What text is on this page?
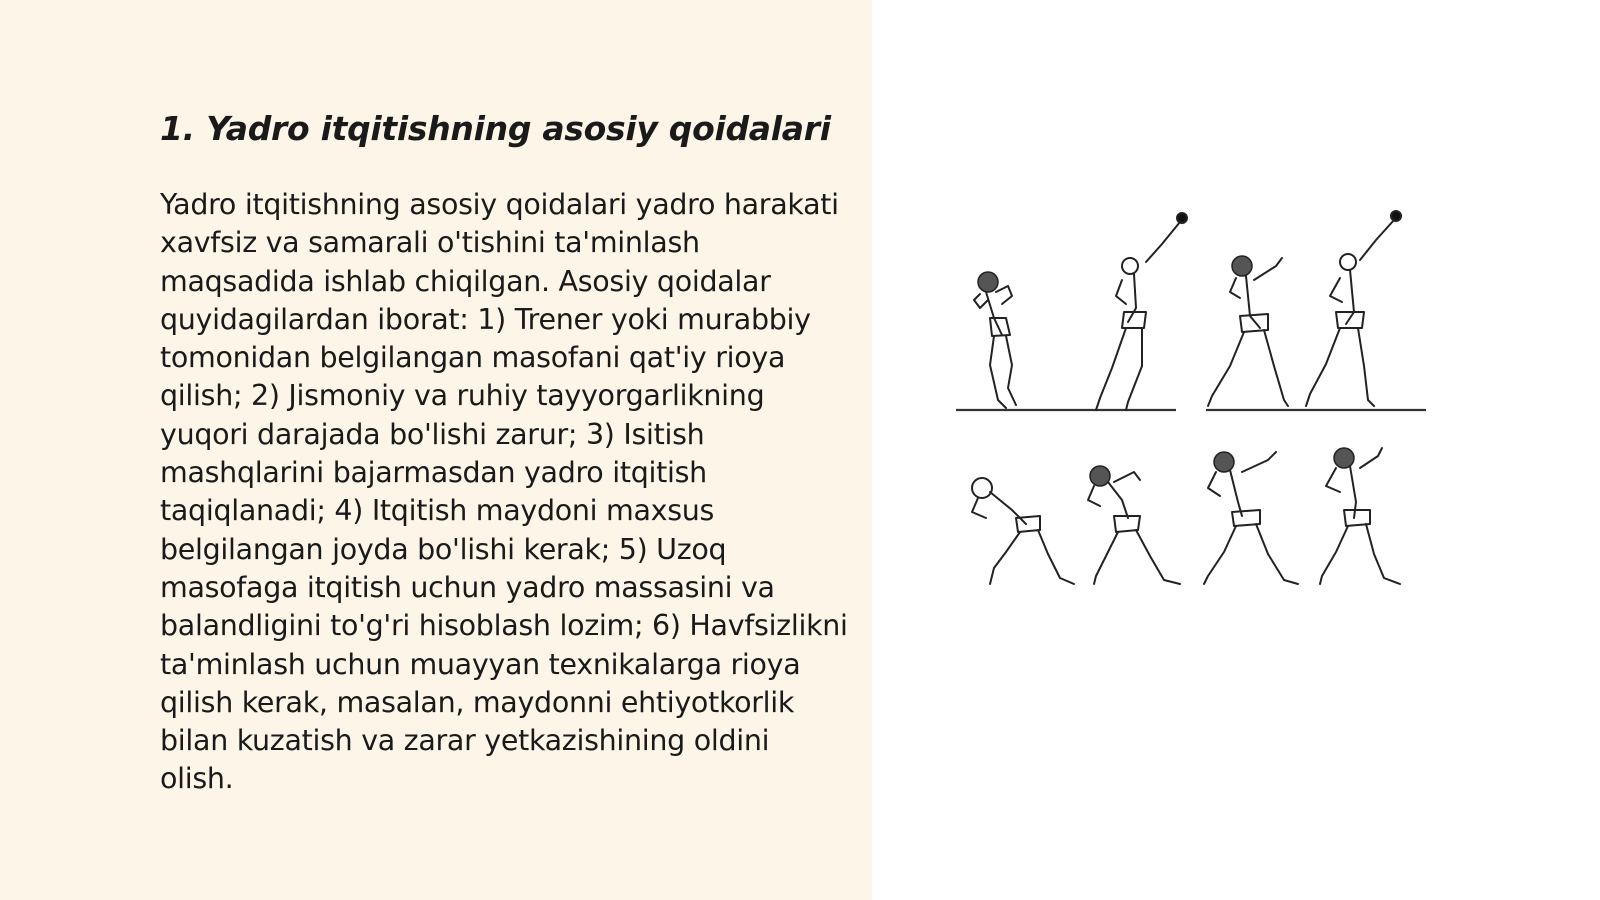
1. Yadro itqitishning asosiy qoidalari

Yadro itqitishning asosiy qoidalari yadro harakati xavfsiz va samarali o'tishini ta'minlash maqsadida ishlab chiqilgan. Asosiy qoidalar quyidagilardan iborat: 1) Trener yoki murabbiy tomonidan belgilangan masofani qat'iy rioya qilish; 2) Jismoniy va ruhiy tayyorgarlikning yuqori darajada bo'lishi zarur; 3) Isitish mashqlarini bajarmasdan yadro itqitish taqiqlanadi; 4) Itqitish maydoni maxsus belgilangan joyda bo'lishi kerak; 5) Uzoq masofaga itqitish uchun yadro massasini va balandligini to'g'ri hisoblash lozim; 6) Havfsizlikni ta'minlash uchun muayyan texnikalarga rioya qilish kerak, masalan, maydonni ehtiyotkorlik bilan kuzatish va zarar yetkazishining oldini olish.
